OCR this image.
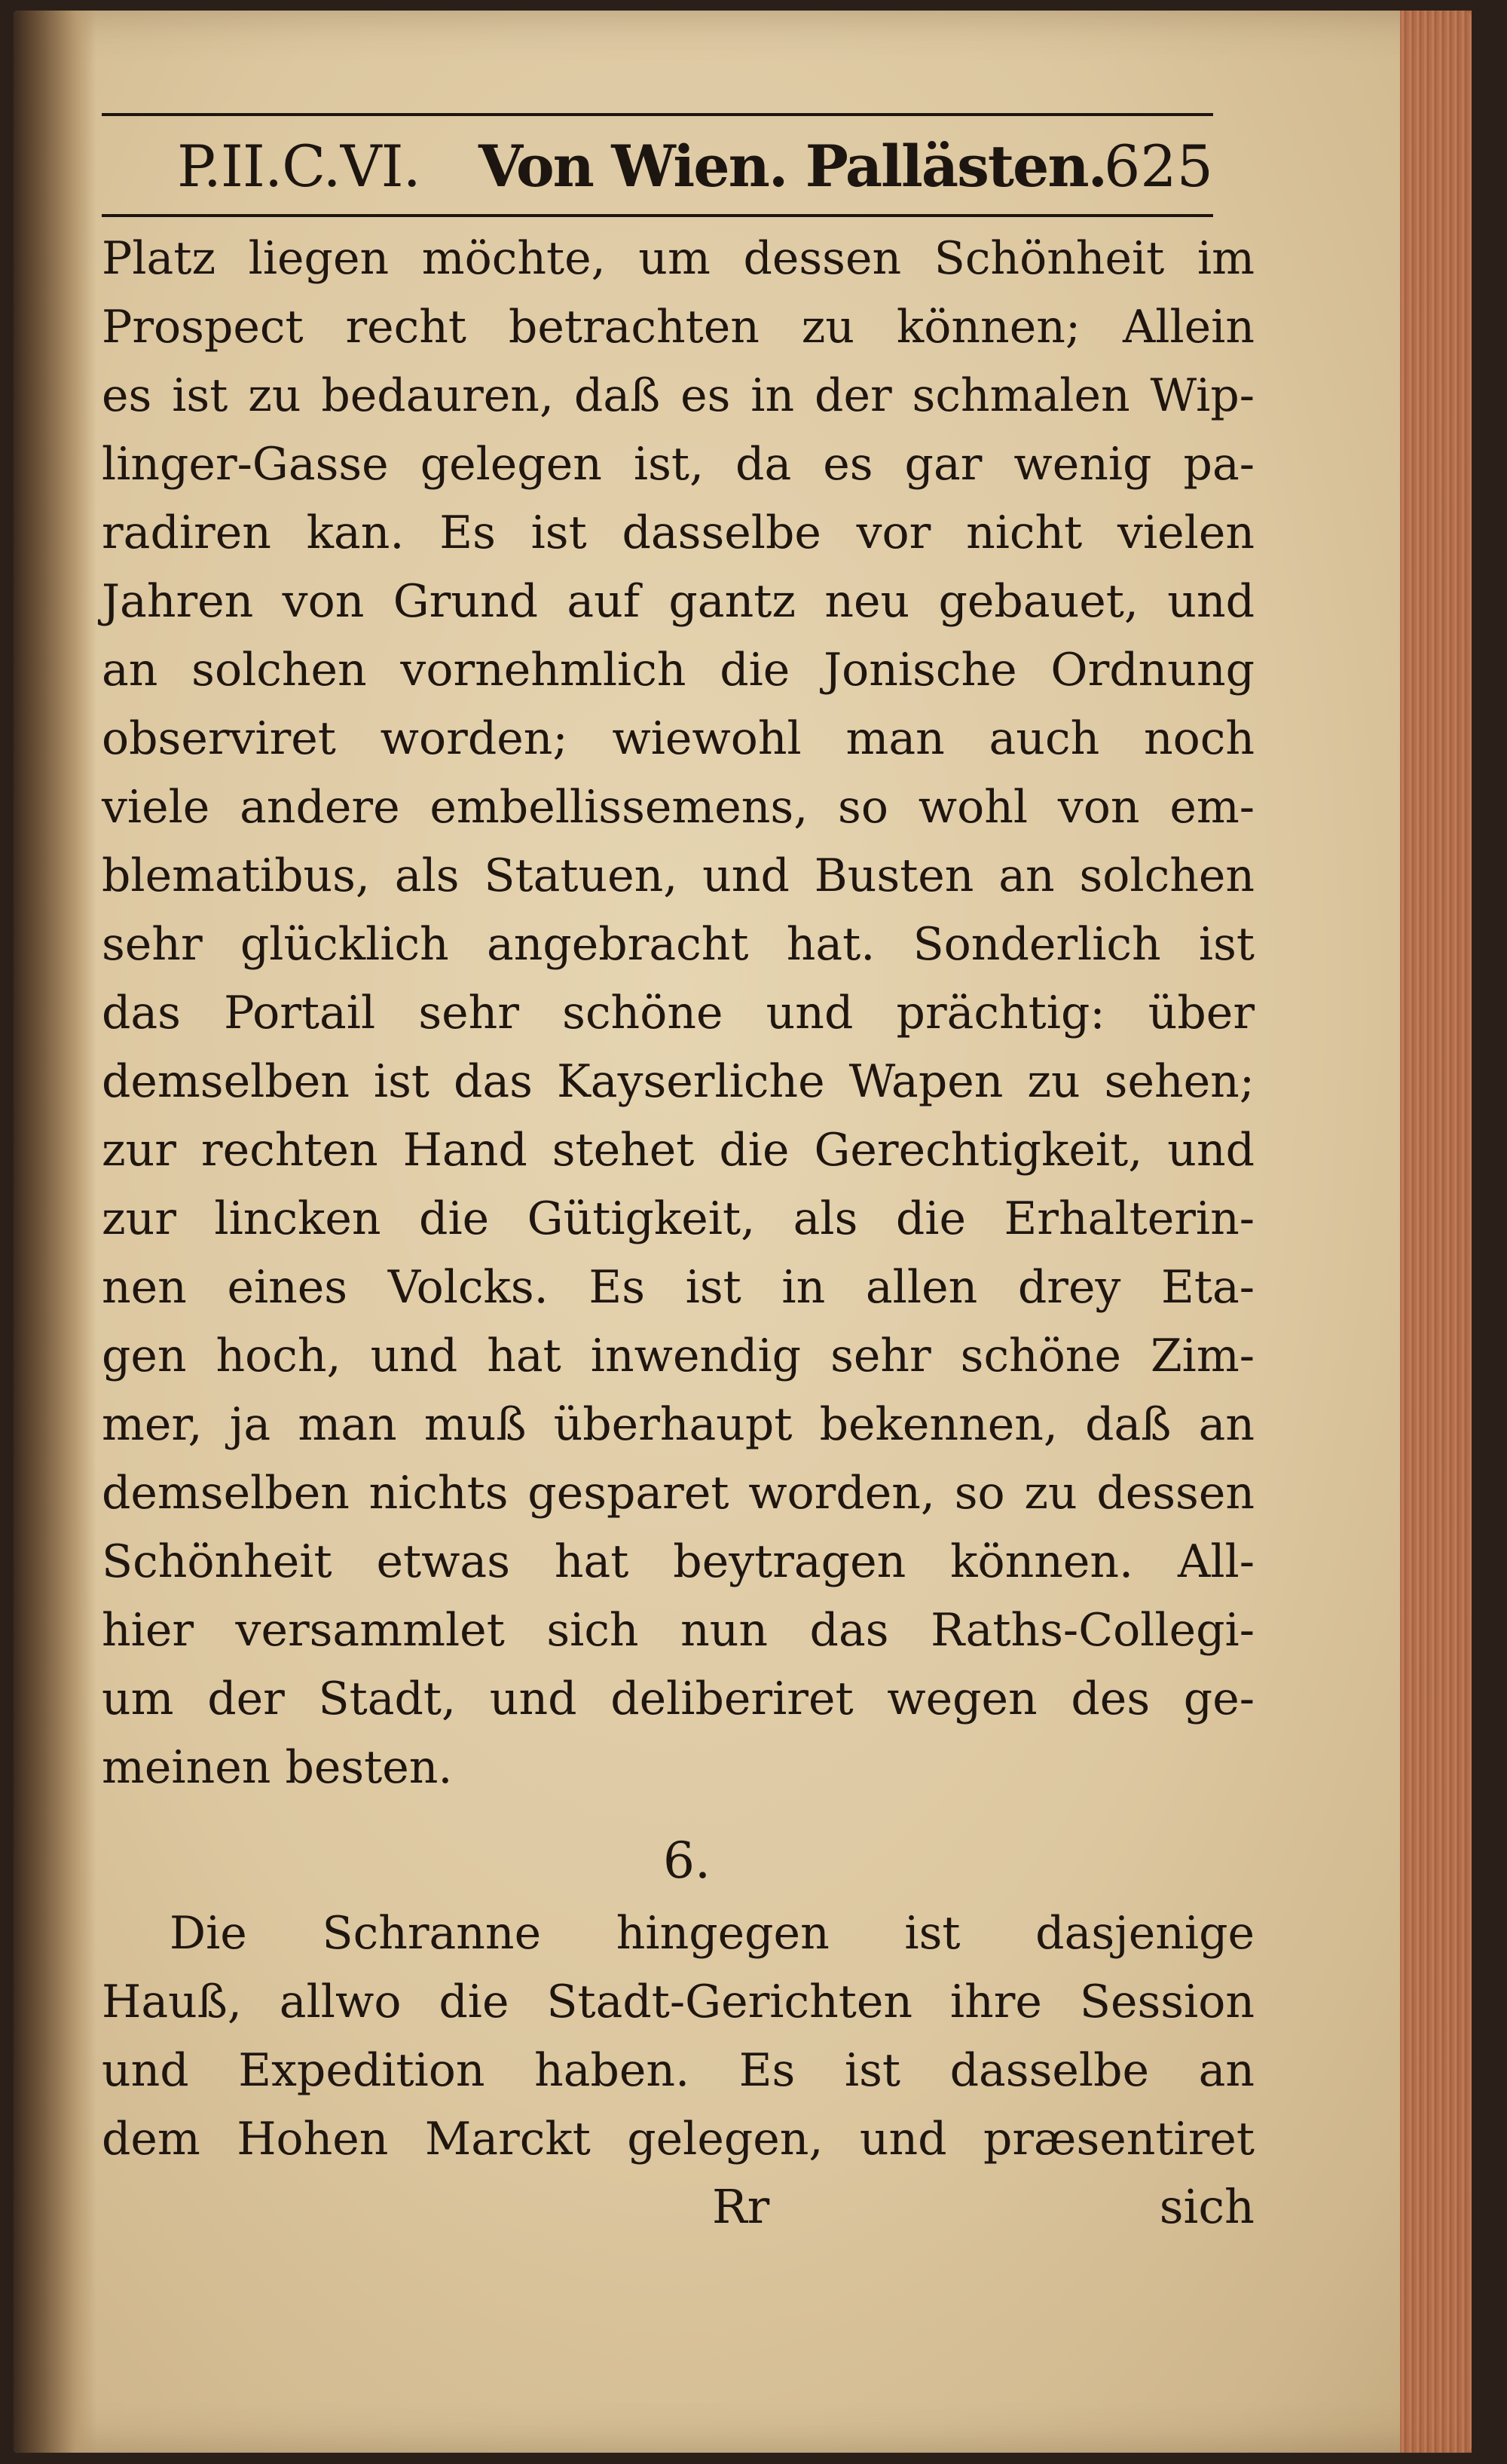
P.II.C.VI. Von Wien. Pallästen.
625
Platz liegen möchte, um dessen Schönheit im
Prospect recht betrachten zu können; Allein
es ist zu bedauren, daß es in der schmalen Wip-
linger-Gasse gelegen ist, da es gar wenig pa-
radiren kan. Es ist dasselbe vor nicht vielen
Jahren von Grund auf gantz neu gebauet, und
an solchen vornehmlich die Jonische Ordnung
observiret worden; wiewohl man auch noch
viele andere embellissemens, so wohl von em-
blematibus, als Statuen, und Busten an solchen
sehr glücklich angebracht hat. Sonderlich ist
das Portail sehr schöne und prächtig: über
demselben ist das Kayserliche Wapen zu sehen;
zur rechten Hand stehet die Gerechtigkeit, und
zur lincken die Gütigkeit, als die Erhalterin-
nen eines Volcks. Es ist in allen drey Eta-
gen hoch, und hat inwendig sehr schöne Zim-
mer, ja man muß überhaupt bekennen, daß an
demselben nichts gesparet worden, so zu dessen
Schönheit etwas hat beytragen können. All-
hier versammlet sich nun das Raths-Collegi-
um der Stadt, und deliberiret wegen des ge-
meinen besten.
6.
Die Schranne hingegen ist dasjenige
Hauß, allwo die Stadt-Gerichten ihre Session
und Expedition haben. Es ist dasselbe an
dem Hohen Marckt gelegen, und præsentiret
Rr	sich
